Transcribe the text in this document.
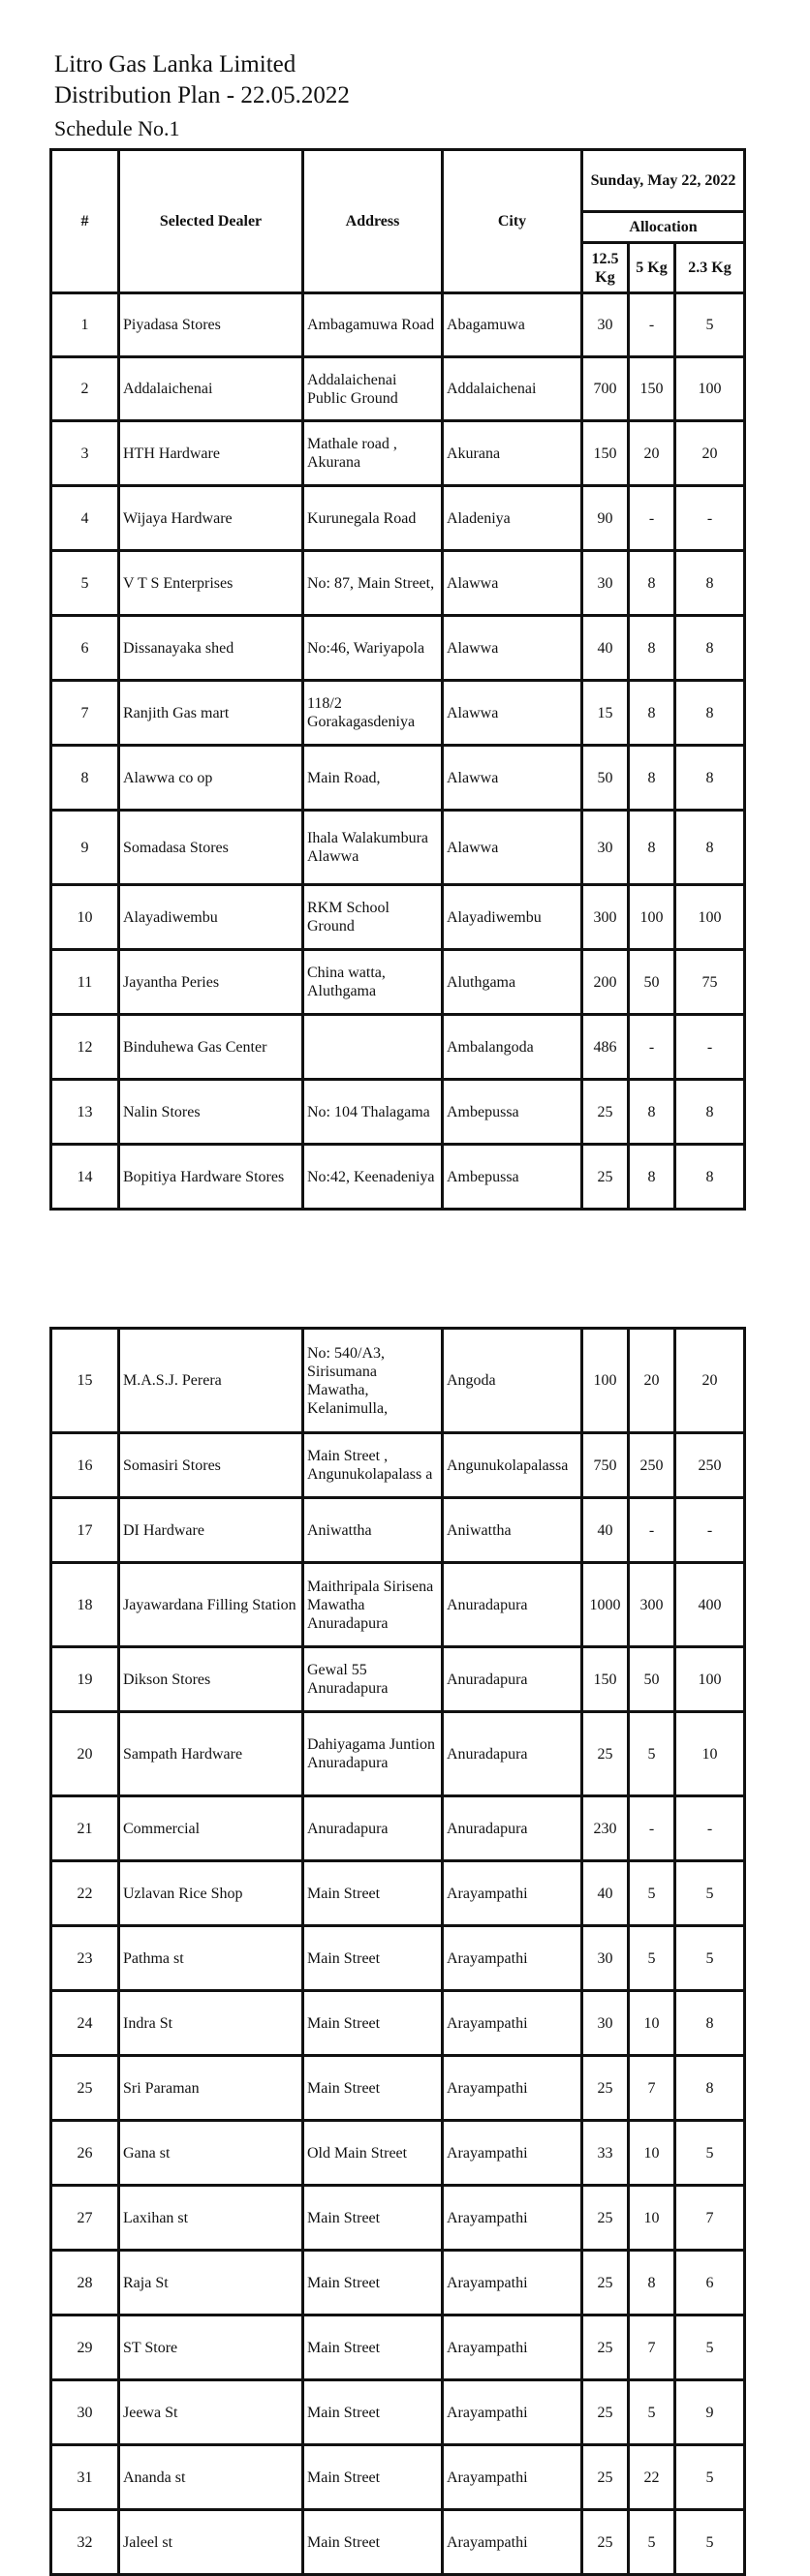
Litro Gas Lanka Limited
Distribution Plan - 22.05.2022
Schedule No.1
#	Selected Dealer	Address	City	Sunday, May 22, 2022		
				Allocation		
				12.5 Kg	5 Kg	2.3 Kg
1	Piyadasa Stores	Ambagamuwa Road	Abagamuwa	30	-	5
2	Addalaichenai	Addalaichenai Public Ground	Addalaichenai	700	150	100
3	HTH Hardware	Mathale road , Akurana	Akurana	150	20	20
4	Wijaya Hardware	Kurunegala Road	Aladeniya	90	-	-
5	V T S Enterprises	No: 87, Main Street,	Alawwa	30	8	8
6	Dissanayaka shed	No:46, Wariyapola	Alawwa	40	8	8
7	Ranjith Gas mart	118/2 Gorakagasdeniya	Alawwa	15	8	8
8	Alawwa co op	Main Road,	Alawwa	50	8	8
9	Somadasa Stores	Ihala Walakumbura Alawwa	Alawwa	30	8	8
10	Alayadiwembu	RKM School Ground	Alayadiwembu	300	100	100
11	Jayantha Peries	China watta, Aluthgama	Aluthgama	200	50	75
12	Binduhewa Gas Center		Ambalangoda	486	-	-
13	Nalin Stores	No: 104 Thalagama	Ambepussa	25	8	8
14	Bopitiya Hardware Stores	No:42, Keenadeniya	Ambepussa	25	8	8
15	M.A.S.J. Perera	No: 540/A3, Sirisumana Mawatha, Kelanimulla,	Angoda	100	20	20
16	Somasiri Stores	Main Street , Angunukolapalass a	Angunukolapalassa	750	250	250
17	DI Hardware	Aniwattha	Aniwattha	40	-	-
18	Jayawardana Filling Station	Maithripala Sirisena Mawatha Anuradapura	Anuradapura	1000	300	400
19	Dikson Stores	Gewal 55 Anuradapura	Anuradapura	150	50	100
20	Sampath Hardware	Dahiyagama Juntion Anuradapura	Anuradapura	25	5	10
21	Commercial	Anuradapura	Anuradapura	230	-	-
22	Uzlavan Rice Shop	Main Street	Arayampathi	40	5	5
23	Pathma st	Main Street	Arayampathi	30	5	5
24	Indra St	Main Street	Arayampathi	30	10	8
25	Sri Paraman	Main Street	Arayampathi	25	7	8
26	Gana st	Old Main Street	Arayampathi	33	10	5
27	Laxihan st	Main Street	Arayampathi	25	10	7
28	Raja St	Main Street	Arayampathi	25	8	6
29	ST Store	Main Street	Arayampathi	25	7	5
30	Jeewa St	Main Street	Arayampathi	25	5	9
31	Ananda st	Main Street	Arayampathi	25	22	5
32	Jaleel st	Main Street	Arayampathi	25	5	5
